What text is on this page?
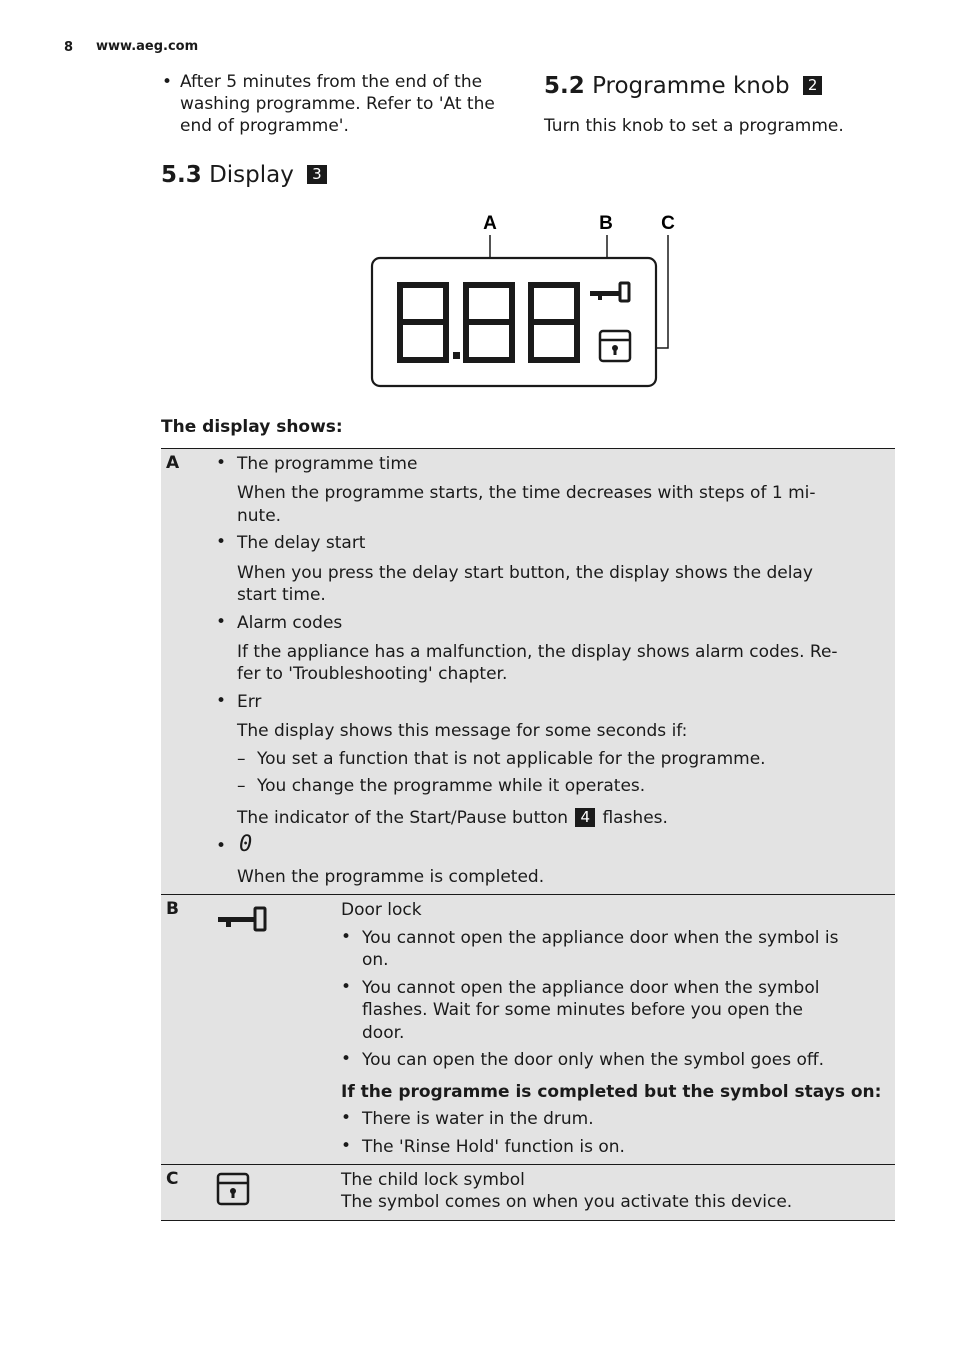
8 www.aeg.com
• After 5 minutes from the end of the washing programme. Refer to 'At the end of programme'.
5.2 Programme knob 2
Turn this knob to set a programme.
5.3 Display 3
A	B	C
The display shows:
A • The programme time
When the programme starts, the time decreases with steps of 1 mi-
nute.
• The delay start
When you press the delay start button, the display shows the delay
start time.
• Alarm codes
If the appliance has a malfunction, the display shows alarm codes. Re-
fer to 'Troubleshooting' chapter.
• Err
The display shows this message for some seconds if:
– You set a function that is not applicable for the programme.
– You change the programme while it operates.
The indicator of the Start/Pause button 4 flashes.
• 0
When the programme is completed.
B	Door lock
• You cannot open the appliance door when the symbol is
on.
• You cannot open the appliance door when the symbol
flashes. Wait for some minutes before you open the
door.
• You can open the door only when the symbol goes off.
If the programme is completed but the symbol stays on:
• There is water in the drum.
• The 'Rinse Hold' function is on.
C	The child lock symbol
The symbol comes on when you activate this device.
